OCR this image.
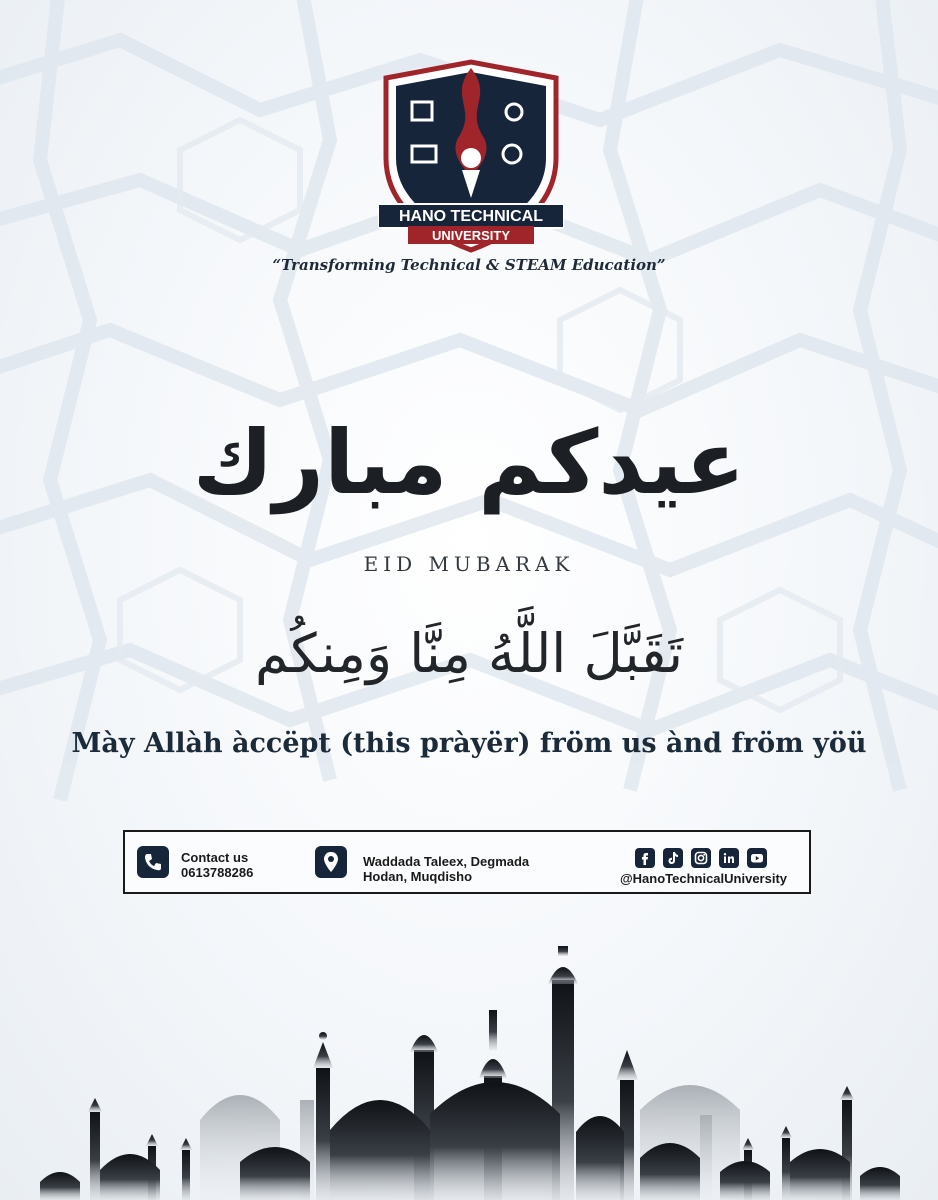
HANO TECHNICAL
UNIVERSITY
“Transforming Technical & STEAM Education”
عيدكم مبارك
EID MUBARAK
تَقَبَّلَ اللَّهُ مِنَّا وَمِنكُم
Mày Allàh àccëpt (this pràyër) fröm us ànd fröm yöü
Contact us
0613788286
Waddada Taleex, Degmada
Hodan, Muqdisho	@HanoTechnicalUniversity
